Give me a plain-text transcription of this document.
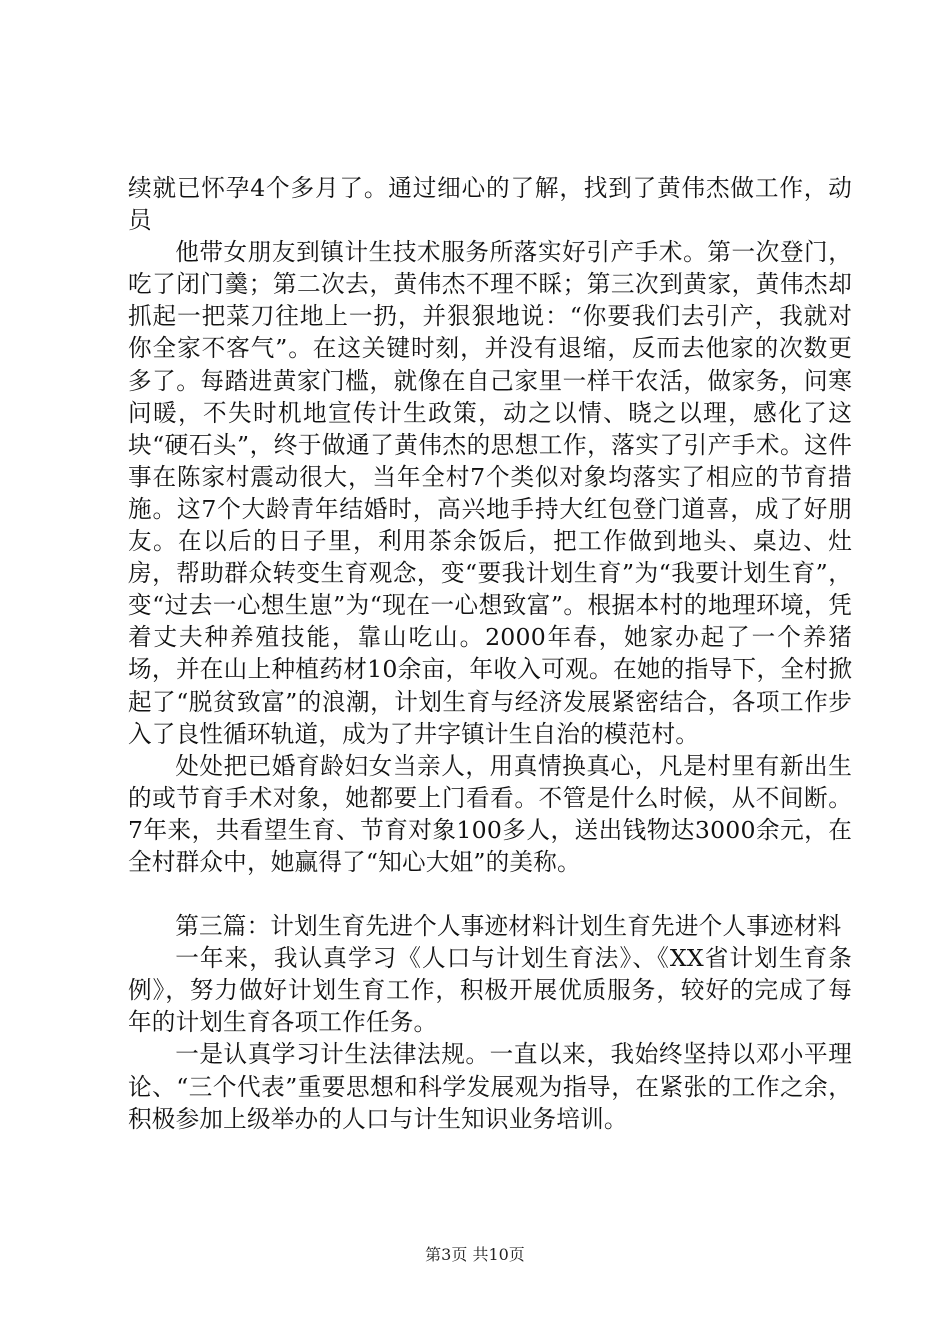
续就已怀孕4个多月了。通过细心的了解，找到了黄伟杰做工作，动员

他带女朋友到镇计生技术服务所落实好引产手术。第一次登门，吃了闭门羹；第二次去，黄伟杰不理不睬；第三次到黄家，黄伟杰却抓起一把菜刀往地上一扔，并狠狠地说：“你要我们去引产，我就对你全家不客气”。在这关键时刻，并没有退缩，反而去他家的次数更多了。每踏进黄家门槛，就像在自己家里一样干农活，做家务，问寒问暖，不失时机地宣传计生政策，动之以情、晓之以理，感化了这块“硬石头”，终于做通了黄伟杰的思想工作，落实了引产手术。这件事在陈家村震动很大，当年全村7个类似对象均落实了相应的节育措施。这7个大龄青年结婚时，高兴地手持大红包登门道喜，成了好朋友。在以后的日子里，利用茶余饭后，把工作做到地头、桌边、灶房，帮助群众转变生育观念，变“要我计划生育”为“我要计划生育”，变“过去一心想生崽”为“现在一心想致富”。根据本村的地理环境，凭着丈夫种养殖技能，靠山吃山。2000年春，她家办起了一个养猪场，并在山上种植药材10余亩，年收入可观。在她的指导下，全村掀起了“脱贫致富”的浪潮，计划生育与经济发展紧密结合，各项工作步入了良性循环轨道，成为了井字镇计生自治的模范村。

处处把已婚育龄妇女当亲人，用真情换真心，凡是村里有新出生的或节育手术对象，她都要上门看看。不管是什么时候，从不间断。7年来，共看望生育、节育对象100多人，送出钱物达3000余元，在全村群众中，她赢得了“知心大姐”的美称。

第三篇：计划生育先进个人事迹材料计划生育先进个人事迹材料

一年来，我认真学习《人口与计划生育法》、《XX省计划生育条例》，努力做好计划生育工作，积极开展优质服务，较好的完成了每年的计划生育各项工作任务。

一是认真学习计生法律法规。一直以来，我始终坚持以邓小平理论、“三个代表”重要思想和科学发展观为指导，在紧张的工作之余，积极参加上级举办的人口与计生知识业务培训。

第3页 共10页
